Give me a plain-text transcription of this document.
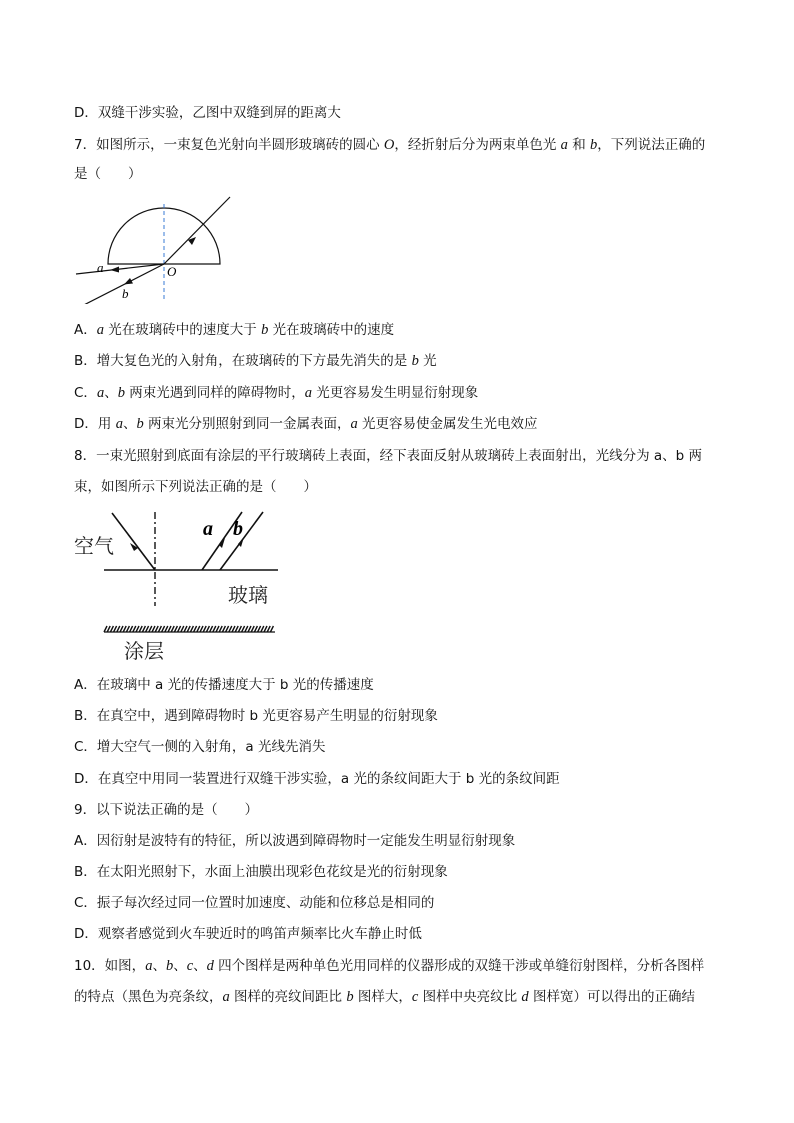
D．双缝干涉实验，乙图中双缝到屏的距离大
7．如图所示，一束复色光射向半圆形玻璃砖的圆心 O，经折射后分为两束单色光 a 和 b，下列说法正确的
是（　　）
a
b
O
A．a 光在玻璃砖中的速度大于 b 光在玻璃砖中的速度
B．增大复色光的入射角，在玻璃砖的下方最先消失的是 b 光
C．a、b 两束光遇到同样的障碍物时，a 光更容易发生明显衍射现象
D．用 a、b 两束光分别照射到同一金属表面，a 光更容易使金属发生光电效应
8．一束光照射到底面有涂层的平行玻璃砖上表面，经下表面反射从玻璃砖上表面射出，光线分为 a、b 两
束，如图所示下列说法正确的是（　　）
空气
a b
玻璃
涂层
A．在玻璃中 a 光的传播速度大于 b 光的传播速度
B．在真空中，遇到障碍物时 b 光更容易产生明显的衍射现象
C．增大空气一侧的入射角，a 光线先消失
D．在真空中用同一装置进行双缝干涉实验，a 光的条纹间距大于 b 光的条纹间距
9．以下说法正确的是（　　）
A．因衍射是波特有的特征，所以波遇到障碍物时一定能发生明显衍射现象
B．在太阳光照射下，水面上油膜出现彩色花纹是光的衍射现象
C．振子每次经过同一位置时加速度、动能和位移总是相同的
D．观察者感觉到火车驶近时的鸣笛声频率比火车静止时低
10．如图，a、b、c、d 四个图样是两种单色光用同样的仪器形成的双缝干涉或单缝衍射图样，分析各图样
的特点（黑色为亮条纹，a 图样的亮纹间距比 b 图样大，c 图样中央亮纹比 d 图样宽）可以得出的正确结
